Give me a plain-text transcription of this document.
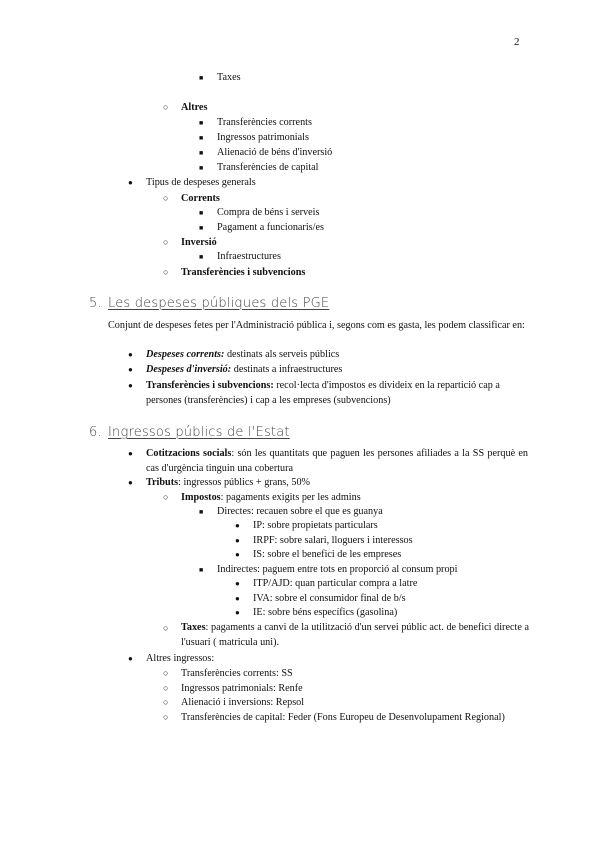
2
■ Taxes
○ Altres
■ Transferències corrents
■ Ingressos patrimonials
■ Alienació de béns d'inversió
■ Transferències de capital
● Tipus de despeses generals
○ Corrents
■ Compra de béns i serveis
■ Pagament a funcionaris/es
○ Inversió
■ Infraestructures
○ Transferències i subvencions
5. Les despeses públiques dels PGE
Conjunt de despeses fetes per l'Administració pública i, segons com es gasta, les podem classificar en:
● Despeses corrents: destinats als serveis públics
● Despeses d'inversió: destinats a infraestructures
●	Transferències i subvencions: recol·lecta d'impostos es divideix en la repartició cap a persones (transferències) i cap a les empreses (subvencions)
6. Ingressos públics de l'Estat
●	Cotitzacions socials: són les quantitats que paguen les persones afiliades a la SS perquè en cas d'urgència tinguin una cobertura
● Tributs: ingressos públics + grans, 50%
○ Impostos: pagaments exigits per les admins
■ Directes: recauen sobre el que es guanya
● IP: sobre propietats particulars
● IRPF: sobre salari, lloguers i interessos
● IS: sobre el benefici de les empreses
■ Indirectes: paguem entre tots en proporció al consum propi
● ITP/AJD: quan particular compra a latre
● IVA: sobre el consumidor final de b/s
● IE: sobre béns específics (gasolina)
○	Taxes: pagaments a canvi de la utilització d'un servei públic act. de benefici directe a l'usuari ( matricula uni).
● Altres ingressos:
○ Transferències corrents: SS
○ Ingressos patrimonials: Renfe
○ Alienació i inversions: Repsol
○ Transferències de capital: Feder (Fons Europeu de Desenvolupament Regional)
